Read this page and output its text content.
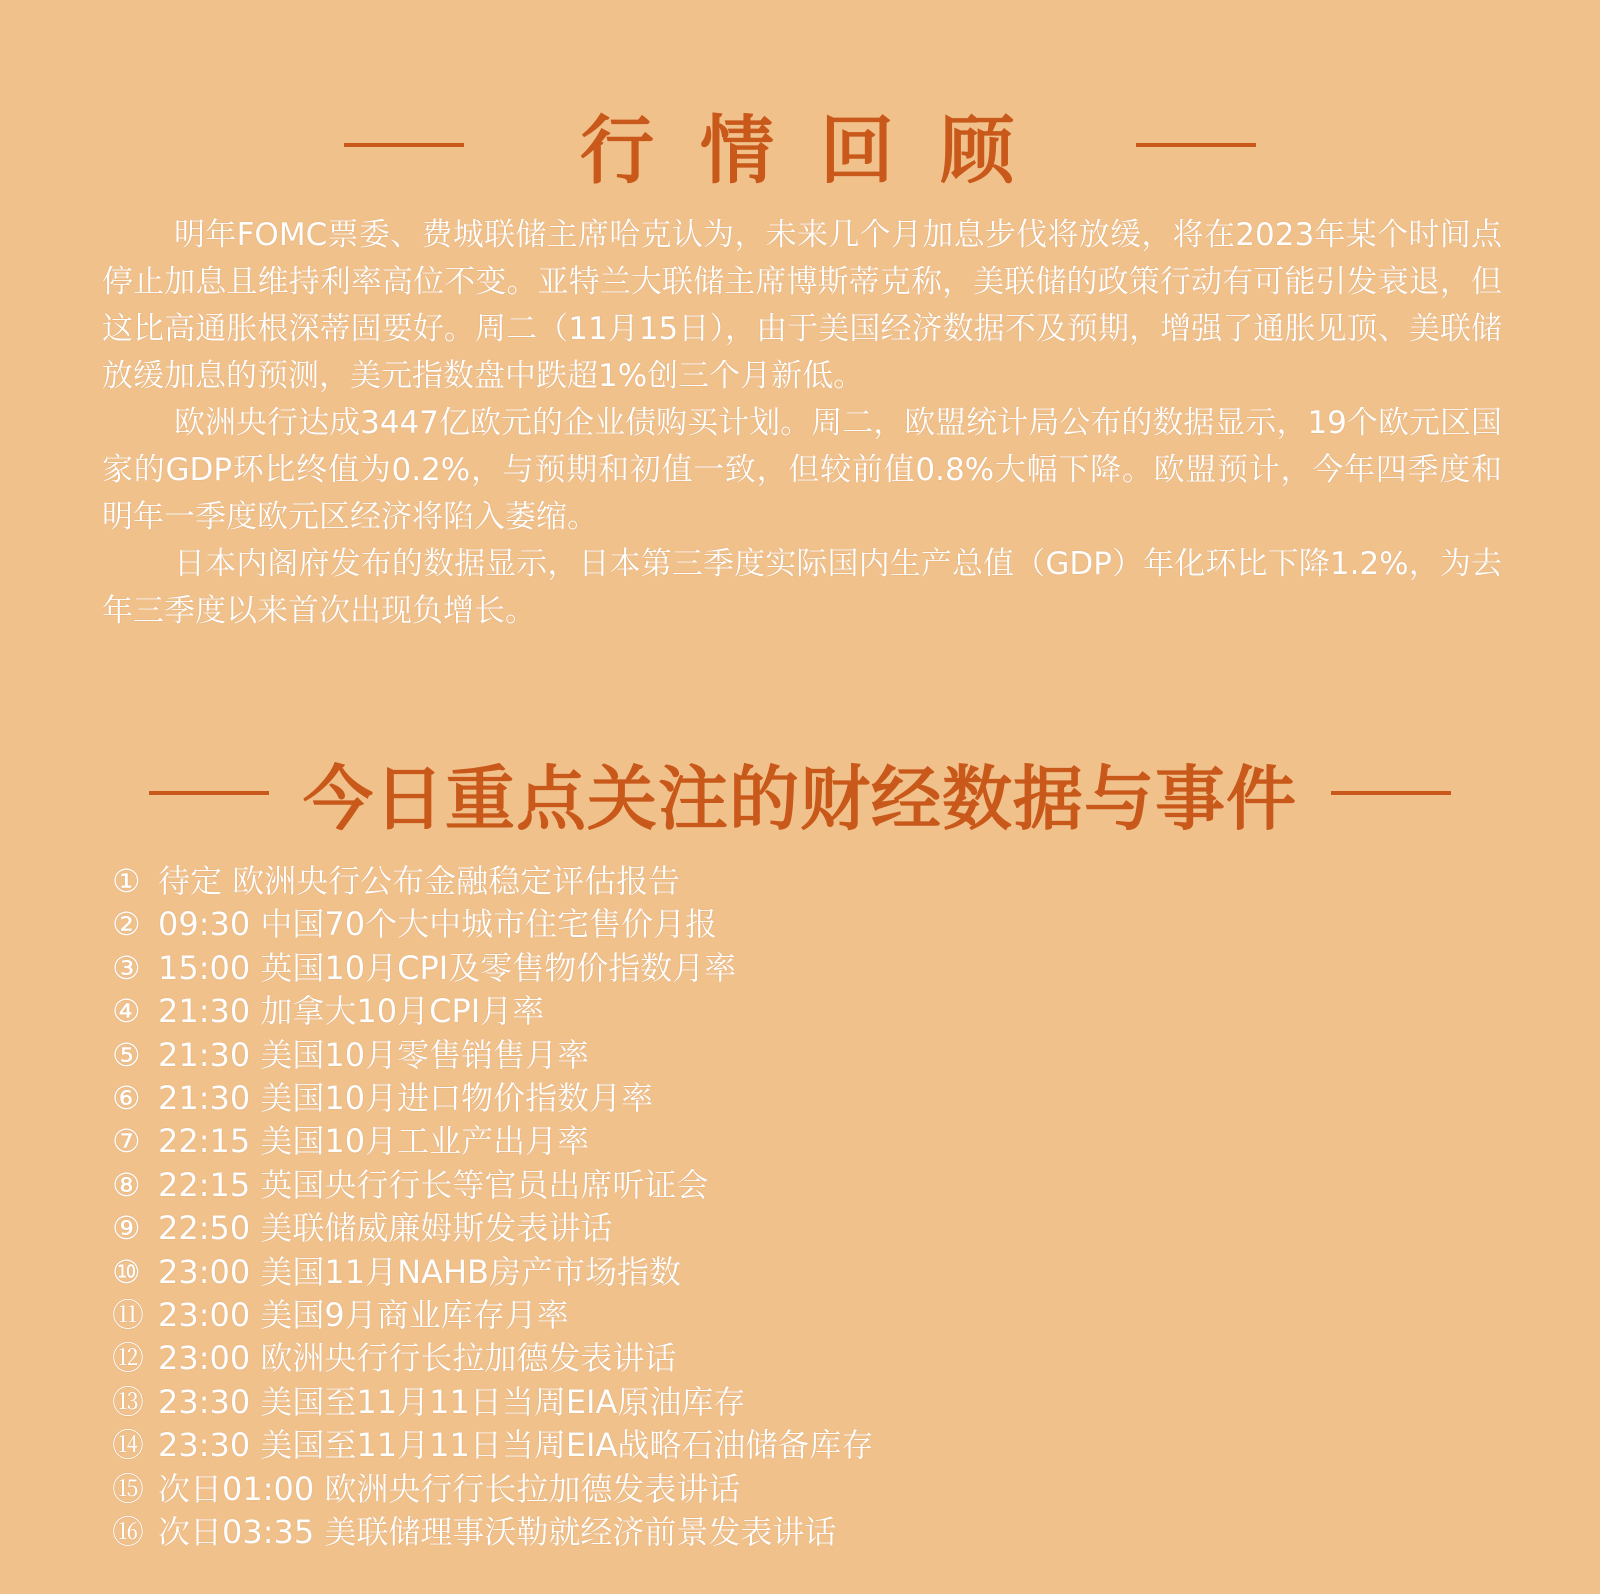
行情回顾

明年FOMC票委、费城联储主席哈克认为，未来几个月加息步伐将放缓，将在2023年某个时间点停止加息且维持利率高位不变。亚特兰大联储主席博斯蒂克称，美联储的政策行动有可能引发衰退，但这比高通胀根深蒂固要好。周二（11月15日），由于美国经济数据不及预期，增强了通胀见顶、美联储放缓加息的预测，美元指数盘中跌超1%创三个月新低。

欧洲央行达成3447亿欧元的企业债购买计划。周二，欧盟统计局公布的数据显示，19个欧元区国家的GDP环比终值为0.2%，与预期和初值一致，但较前值0.8%大幅下降。欧盟预计，今年四季度和明年一季度欧元区经济将陷入萎缩。

日本内阁府发布的数据显示，日本第三季度实际国内生产总值（GDP）年化环比下降1.2%，为去年三季度以来首次出现负增长。

今日重点关注的财经数据与事件
① 待定 欧洲央行公布金融稳定评估报告
② 09:30 中国70个大中城市住宅售价月报
③ 15:00 英国10月CPI及零售物价指数月率
④ 21:30 加拿大10月CPI月率
⑤ 21:30 美国10月零售销售月率
⑥ 21:30 美国10月进口物价指数月率
⑦ 22:15 美国10月工业产出月率
⑧ 22:15 英国央行行长等官员出席听证会
⑨ 22:50 美联储威廉姆斯发表讲话
⑩ 23:00 美国11月NAHB房产市场指数
⑪ 23:00 美国9月商业库存月率
⑫ 23:00 欧洲央行行长拉加德发表讲话
⑬ 23:30 美国至11月11日当周EIA原油库存
⑭ 23:30 美国至11月11日当周EIA战略石油储备库存
⑮ 次日01:00 欧洲央行行长拉加德发表讲话
⑯ 次日03:35 美联储理事沃勒就经济前景发表讲话
